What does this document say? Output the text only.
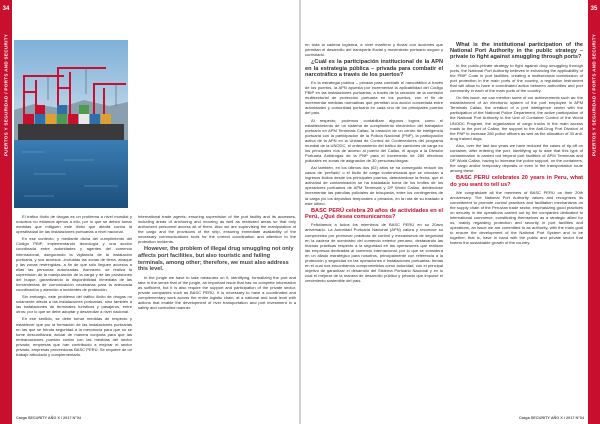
34
PUERTOS Y SEGURIDAD / PORTS AND SECURITY

El tráfico ilícito de drogas es un problema a nivel mundial y nosotros no estamos ajenos a ello, por lo que se deben tomar medidas que mitiguen este ilícito que atenta contra la operatividad de las instalaciones portuarias a nivel nacional.

En ese contexto, y mediante dicha del cumplimiento del Código PBIP, implementando tecnología y una acción coordinada entre autoridades y agentes del comercio internacional, asegurando la vigilancia de la instalación portuaria, y sus accesos –incluidas las zonas de tierra, atraque y las zonas restringidas- a fin de que sólo lleguen accesos a ellas las personas autorizadas. Asimismo, se realiza la supervisión de la manipulación de la carga y de las provisiones del buque, garantizando la disponibilidad inmediata de las herramientas de comunicación necesarias para la adecuada coordinación y atención a incidentes de protección.

Sin embargo, este problema del tráfico ilícito de drogas no solamente afecta a las instalaciones portuarias, sino también a las instalaciones de terminales turísticos y pasajeros, entre otros; por lo que se debe adoptar y desarrollar a nivel nacional.

En ese sentido, se debe tomar medidas de respecto y establecer que por la formación de las instalaciones portuarias en las que se brinda seguridad a la mercancía para que no se tome desconfianza; actuar de manera conjunta para que las embarcaciones puedan contar con las medidas del sector privado; empresas que han contribuido a mejorar el sector privado, empresas proveedoras BASC PERÚ. Se requiere de un trabajo articulado y complementario.

International trade agents; ensuring supervision of the port facility and its accesses-including areas of anchoring and mooring as well as restricted areas so that only authorized personnel access all of them. Also we are supervising the manipulation of the cargo and the provisions of the ship, ensuring immediate availability of the necessary communications tools for the correct coordination and attention to the protection incidents.

However, the problem of illegal drug smuggling not only affects port facilities, but also touristic and failing terminals, among other; therefore, we must also address this level.

In the jungle we have to take measures on it, identifying, formalizing the port and take in the sense that of the jungle, an important issue that has no complete information as sufficient, but it is also require the support and participation of the private sector, private companies such as BASC PERÚ. It is necessary to have a coordinated and complementary work across the entire logistic chain, at a national and local level with actions that enable the development of river transportation and port investment in a safety and controlled manner.

Carga SECURITY AÑO X / 2017 N°34

en toda la cadena logística, a nivel marítimo y fluvial con acciones que permitan el desarrollo del transporte fluvial y movimiento portuario seguro y controlado.

¿Cuál es la participación institucional de la APN en la estrategia pública – privada para combatir el narcotráfico a través de los puertos?

En la estrategia pública – privada para combatir el narcotráfico a través de los puertos, la APN apuesta por incrementar la aplicabilidad del Código PBIP en las instalaciones portuarias, a través de la creación de la comisión multisectorial de protección portuaria en los puertos, con el fin de incrementar medidas normativas que permitan una acción concertada entre autoridades y comunidad portuaria en cada uno de los principales puertos del país.

Al respecto, podemos contabilizar algunos logros como el establecimiento de un sistema de cumplimiento electrónico del trabajador portuario en APM Terminals Callao, la creación de un centro de inteligencia portuaria con la participación de la Policía Nacional (PNP), la participación activa de la APN en la Unidad de Control de Contenedores del programa mundial de la UNODC, el ordenamiento del tráfico de camiones de carga en los principales ríos de acceso al puerto del Callao, el apoyo a la División Portuaria Antidrogas de la PNP para el incremento de 280 efectivos policiales en zonas de asignación de 30 personas/drogas.

Así también, en los últimos dos (02) años se ha conseguido reducir los casos de 'preñado' o el ilícito de carga contenerizada que se vinculan a ingresos ilícitos desde los principales puertos, detectándose la fecha, que el actividad de contaminación se ha trasladado fuera de los límites de los operadores portuarios de APM Terminals y DP World Callao, debiéndose incrementar las patrullas policiales de búsqueda, entre los contingentes de la carga y/o los depósitos temporales o privados, en la ruta de su traslado a este último.

BASC PERÚ celebra 20 años de actividades en el Perú, ¿Qué desea comunicarnos?

Felicitamos a todos los miembros de BASC PERÚ en su 20avo aniversario. La Autoridad Portuaria Nacional (APN) valora y reconoce su compromiso por promover prácticas de control y mecanismos de seguridad en la cadena de suministro del comercio exterior peruano, destacando las buenas prácticas respecto a la seguridad en las operaciones que realizan las empresas dedicadas al comercio internacional, por lo que se considera en un aliado estratégico para nosotros, principalmente con referencia a la protección y seguridad en las operaciones e instalaciones portuarias, temas en el cual nos encontramos comprometidos como autoridad, con el principal objetivo de garantizar el desarrollo del Sistema Portuario Nacional y en lo cual el mejorar de la manera de desarrollo público y privado que impulse el crecimiento sostenible del país.

What is the institutional participation of the National Port Authority in the public strategy – private to fight against smuggling through ports?

In the public-private strategy to fight against drug smuggling through ports, the National Port Authority believes in enhancing the applicability of the PBIP Code in port facilities, creating a multisectoral commission of port protection in the main ports of the country, a regulation instrument that will allow to have a coordinated action between authorities and port community in each of the main ports of the country.

On this issue, we can mention some of our achievements such as: the establishment of an electronic system of the port employee in APM Terminals Callao, the creation of a port intelligence center with the participation of the National Police Department, the active participation of the National Port Authority in the Unit of Container Control of the World UNODC Program, the organization of cargo trucks in the main access roads to the port of Callao, the support to the Anti-Drug Port Division of the PNP to increase 280 police officers as well as the allocation of 30 anti-drug trained dogs.

Also, over the last two years we have reduced the cases of rip-off on container, after entering the port, identifying up to date that this type of contamination is carried out beyond port facilities of APM Terminals and DP World Callao, having to increase the police support, on the containers, the cargo and/or temporary deposits or even in the transportation route among these.

BASC PERU celebrates 20 years in Peru, what do you want to tell us?

We congratulate all the members of BASC PERU on their 20th anniversary. The National Port Authority values and recognizes its commitment to promote control practices and facilitation mechanisms on the supply chain of the Peruvian trade sector, emphasizing good practices on security in the operations carried out by the companies dedicated to international commerce, constituting themselves as a strategic allied for us, mainly regarding protection and security in port facilities and operations, an issue we are committed to as authority, with the main goal to ensure the development of the National Port System and to be together, that is, have in hand with the public and private sector that fosters the sustainable growth of the country.

Carga SECURITY AÑO X / 2017 N°34
35
PUERTOS Y SEGURIDAD / PORTS AND SECURITY
